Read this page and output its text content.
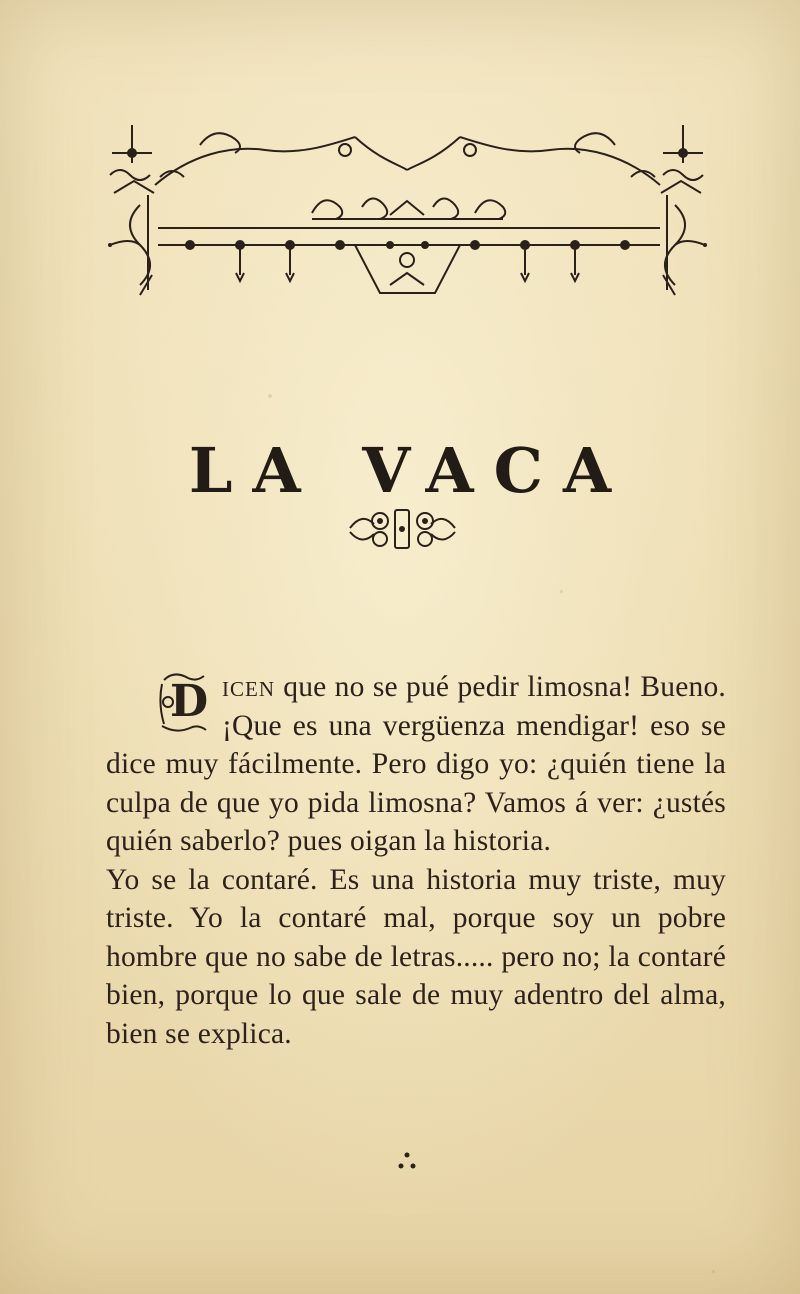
LA VACA

D icen que no se pué pedir limosna! Bueno. ¡Que es una vergüenza mendigar! eso se dice muy fácilmente. Pero digo yo: ¿quién tiene la culpa de que yo pida limosna? Vamos á ver: ¿ustés quién saberlo? pues oigan la historia.

Yo se la contaré. Es una historia muy triste, muy triste. Yo la contaré mal, porque soy un pobre hombre que no sabe de letras..... pero no; la contaré bien, porque lo que sale de muy adentro del alma, bien se explica.
